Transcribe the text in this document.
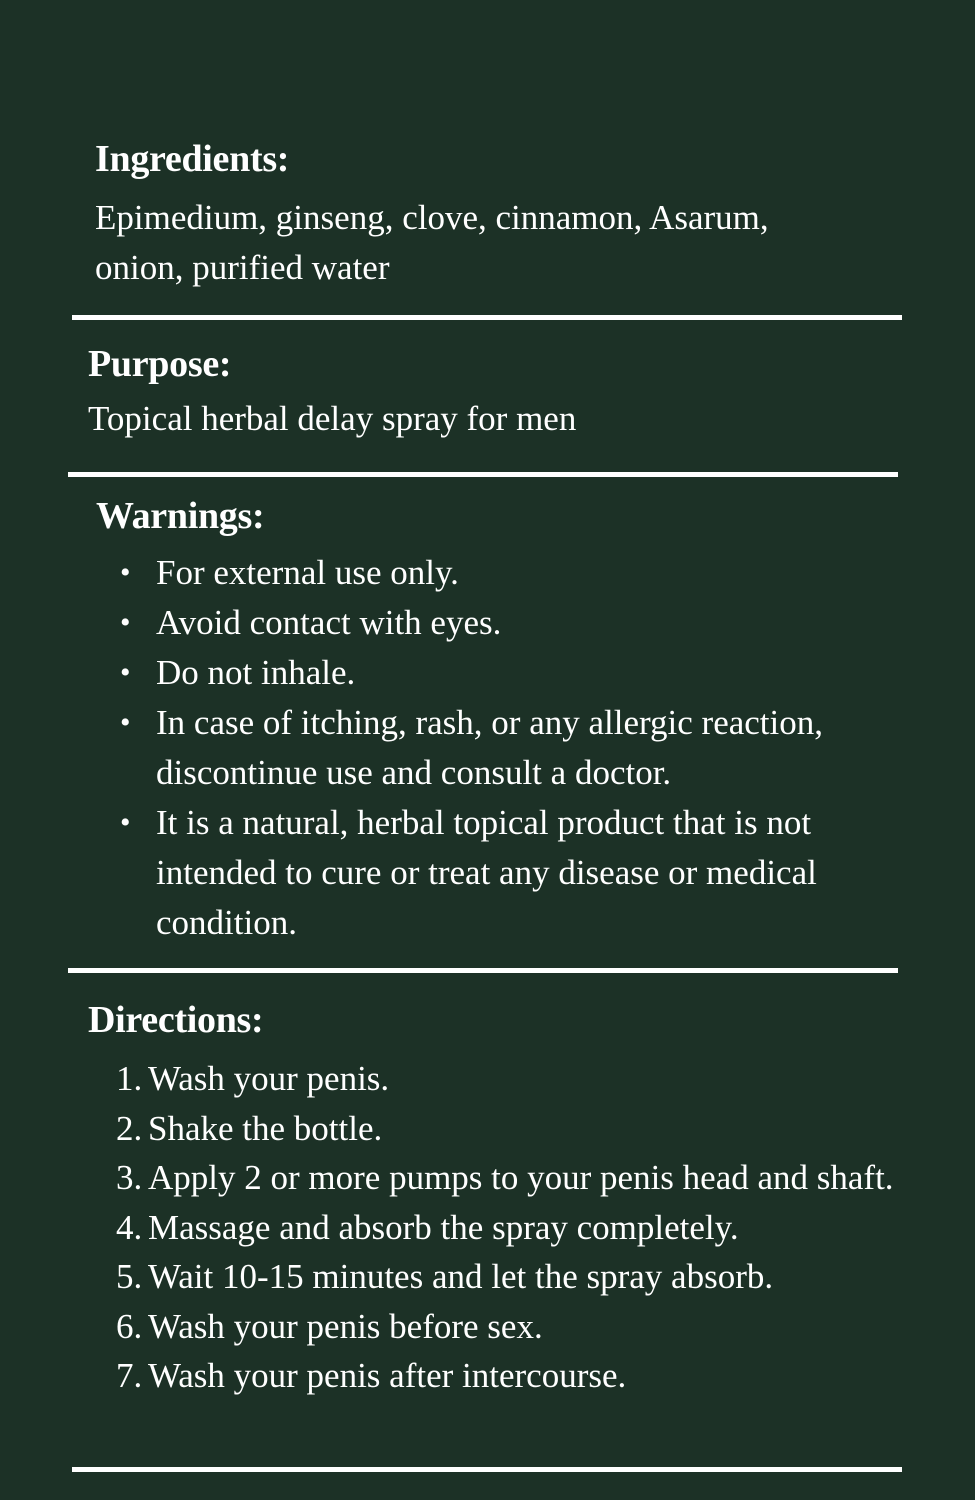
Ingredients:

Epimedium, ginseng, clove, cinnamon, Asarum,
onion, purified water

Purpose:

Topical herbal delay spray for men

Warnings:
• For external use only.
• Avoid contact with eyes.
• Do not inhale.
• In case of itching, rash, or any allergic reaction, discontinue use and consult a doctor.
• It is a natural, herbal topical product that is not intended to cure or treat any disease or medical condition.
Directions:
1. Wash your penis.
2. Shake the bottle.
3. Apply 2 or more pumps to your penis head and shaft.
4. Massage and absorb the spray completely.
5. Wait 10-15 minutes and let the spray absorb.
6. Wash your penis before sex.
7. Wash your penis after intercourse.
